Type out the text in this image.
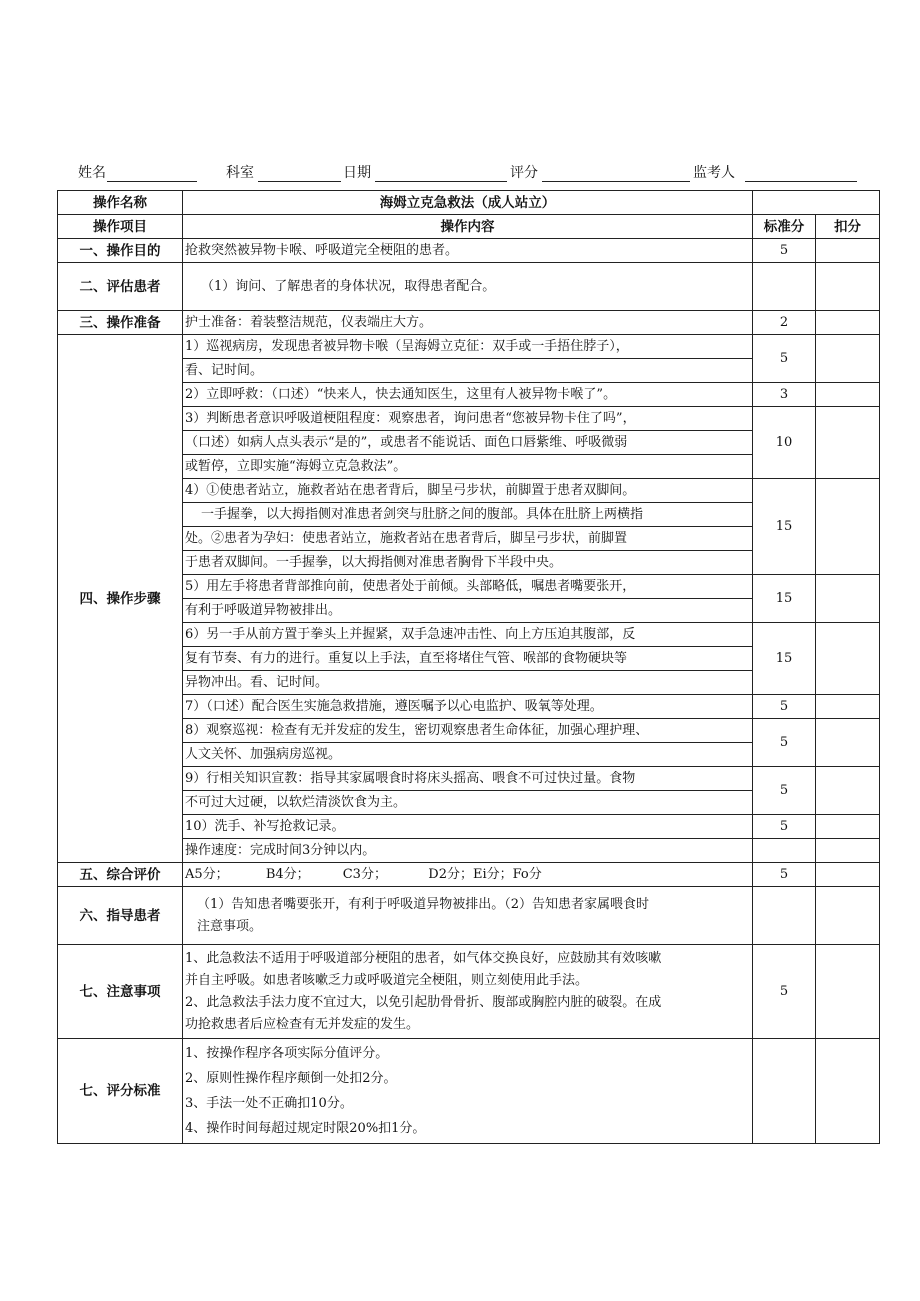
姓名	科室	日期	评分	监考人
操作名称	海姆立克急救法（成人站立）		
操作项目	操作内容	标准分	扣分
一、操作目的	抢救突然被异物卡喉、呼吸道完全梗阻的患者。	5	
二、评估患者	（1）询问、了解患者的身体状况，取得患者配合。		
三、操作准备	护士准备：着装整洁规范，仪表端庄大方。	2	
四、操作步骤	1）巡视病房，发现患者被异物卡喉（呈海姆立克征：双手或一手捂住脖子），	5	
	看、记时间。		
	2）立即呼救：（口述）“快来人，快去通知医生，这里有人被异物卡喉了”。	3	
	3）判断患者意识呼吸道梗阻程度：观察患者，询问患者“您被异物卡住了吗”，	10	
	（口述）如病人点头表示“是的”，或患者不能说话、面色口唇紫维、呼吸微弱		
	或暂停，立即实施“海姆立克急救法”。		
	4）①使患者站立，施救者站在患者背后，脚呈弓步状，前脚置于患者双脚间。	15	
	一手握拳，以大拇指侧对准患者剑突与肚脐之间的腹部。具体在肚脐上两横指		
	处。②患者为孕妇：使患者站立，施救者站在患者背后，脚呈弓步状，前脚置		
	于患者双脚间。一手握拳，以大拇指侧对准患者胸骨下半段中央。		
	5）用左手将患者背部推向前，使患者处于前倾。头部略低，嘱患者嘴要张开，	15	
	有利于呼吸道异物被排出。		
	6）另一手从前方置于拳头上并握紧，双手急速冲击性、向上方压迫其腹部，反	15	
	复有节奏、有力的进行。重复以上手法，直至将堵住气管、喉部的食物硬块等		
	异物冲出。看、记时间。		
	7）（口述）配合医生实施急救措施，遵医嘱予以心电监护、吸氧等处理。	5	
	8）观察巡视：检查有无并发症的发生，密切观察患者生命体征，加强心理护理、	5	
	人文关怀、加强病房巡视。		
	9）行相关知识宣教：指导其家属喂食时将床头摇高、喂食不可过快过量。食物	5	
	不可过大过硬，以软烂清淡饮食为主。		
	10）洗手、补写抢救记录。	5	
	操作速度：完成时间3分钟以内。		
五、综合评价	A5分；         B4分；        C3分；          D2分；Ei分；Fo分	5	
六、指导患者	（1）告知患者嘴要张开，有利于呼吸道异物被排出。（2）告知患者家属喂食时
注意事项。		

七、注意事项	1、此急救法不适用于呼吸道部分梗阻的患者，如气体交换良好，应鼓励其有效咳嗽
并自主呼吸。如患者咳嗽乏力或呼吸道完全梗阻，则立刻使用此手法。
2、此急救法手法力度不宜过大，以免引起肋骨骨折、腹部或胸腔内脏的破裂。在成
功抢救患者后应检查有无并发症的发生。	5	
七、评分标准	1、按操作程序各项实际分值评分。
2、原则性操作程序颠倒一处扣2分。
3、手法一处不正确扣10分。
4、操作时间每超过规定时限20%扣1分。		
